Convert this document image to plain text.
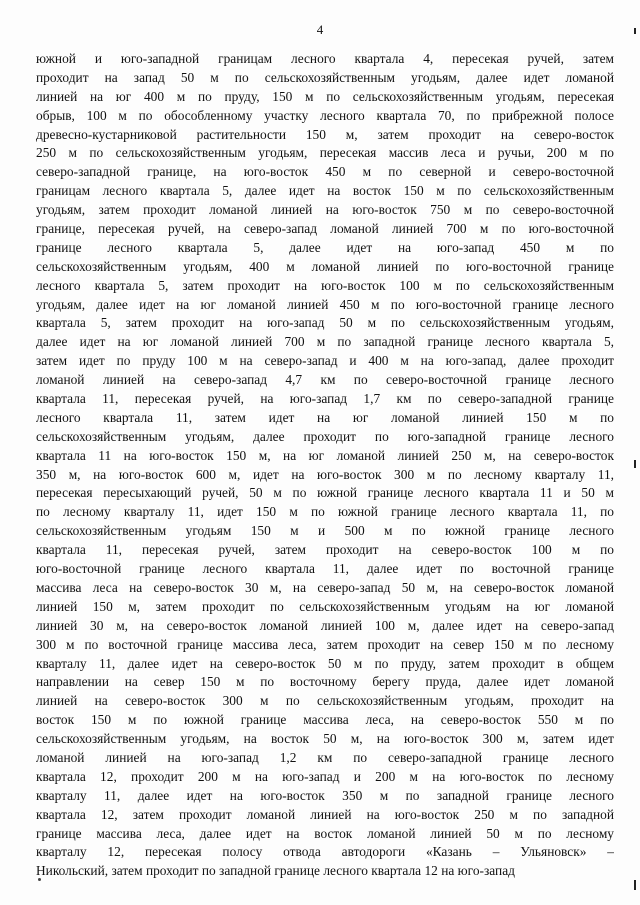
4
южной и юго-западной границам лесного квартала 4, пересекая ручей, затем
проходит на запад 50 м по сельскохозяйственным угодьям, далее идет ломаной
линией на юг 400 м по пруду, 150 м по сельскохозяйственным угодьям, пересекая
обрыв, 100 м по обособленному участку лесного квартала 70, по прибрежной полосе
древесно-кустарниковой растительности 150 м, затем проходит на северо-восток
250 м по сельскохозяйственным угодьям, пересекая массив леса и ручьи, 200 м по
северо-западной границе, на юго-восток 450 м по северной и северо-восточной
границам лесного квартала 5, далее идет на восток 150 м по сельскохозяйственным
угодьям, затем проходит ломаной линией на юго-восток 750 м по северо-восточной
границе, пересекая ручей, на северо-запад ломаной линией 700 м по юго-восточной
границе лесного квартала 5, далее идет на юго-запад 450 м по
сельскохозяйственным угодьям, 400 м ломаной линией по юго-восточной границе
лесного квартала 5, затем проходит на юго-восток 100 м по сельскохозяйственным
угодьям, далее идет на юг ломаной линией 450 м по юго-восточной границе лесного
квартала 5, затем проходит на юго-запад 50 м по сельскохозяйственным угодьям,
далее идет на юг ломаной линией 700 м по западной границе лесного квартала 5,
затем идет по пруду 100 м на северо-запад и 400 м на юго-запад, далее проходит
ломаной линией на северо-запад 4,7 км по северо-восточной границе лесного
квартала 11, пересекая ручей, на юго-запад 1,7 км по северо-западной границе
лесного квартала 11, затем идет на юг ломаной линией 150 м по
сельскохозяйственным угодьям, далее проходит по юго-западной границе лесного
квартала 11 на юго-восток 150 м, на юг ломаной линией 250 м, на северо-восток
350 м, на юго-восток 600 м, идет на юго-восток 300 м по лесному кварталу 11,
пересекая пересыхающий ручей, 50 м по южной границе лесного квартала 11 и 50 м
по лесному кварталу 11, идет 150 м по южной границе лесного квартала 11, по
сельскохозяйственным угодьям 150 м и 500 м по южной границе лесного
квартала 11, пересекая ручей, затем проходит на северо-восток 100 м по
юго-восточной границе лесного квартала 11, далее идет по восточной границе
массива леса на северо-восток 30 м, на северо-запад 50 м, на северо-восток ломаной
линией 150 м, затем проходит по сельскохозяйственным угодьям на юг ломаной
линией 30 м, на северо-восток ломаной линией 100 м, далее идет на северо-запад
300 м по восточной границе массива леса, затем проходит на север 150 м по лесному
кварталу 11, далее идет на северо-восток 50 м по пруду, затем проходит в общем
направлении на север 150 м по восточному берегу пруда, далее идет ломаной
линией на северо-восток 300 м по сельскохозяйственным угодьям, проходит на
восток 150 м по южной границе массива леса, на северо-восток 550 м по
сельскохозяйственным угодьям, на восток 50 м, на юго-восток 300 м, затем идет
ломаной линией на юго-запад 1,2 км по северо-западной границе лесного
квартала 12, проходит 200 м на юго-запад и 200 м на юго-восток по лесному
кварталу 11, далее идет на юго-восток 350 м по западной границе лесного
квартала 12, затем проходит ломаной линией на юго-восток 250 м по западной
границе массива леса, далее идет на восток ломаной линией 50 м по лесному
кварталу 12, пересекая полосу отвода автодороги «Казань – Ульяновск» –
Никольский, затем проходит по западной границе лесного квартала 12 на юго-запад
